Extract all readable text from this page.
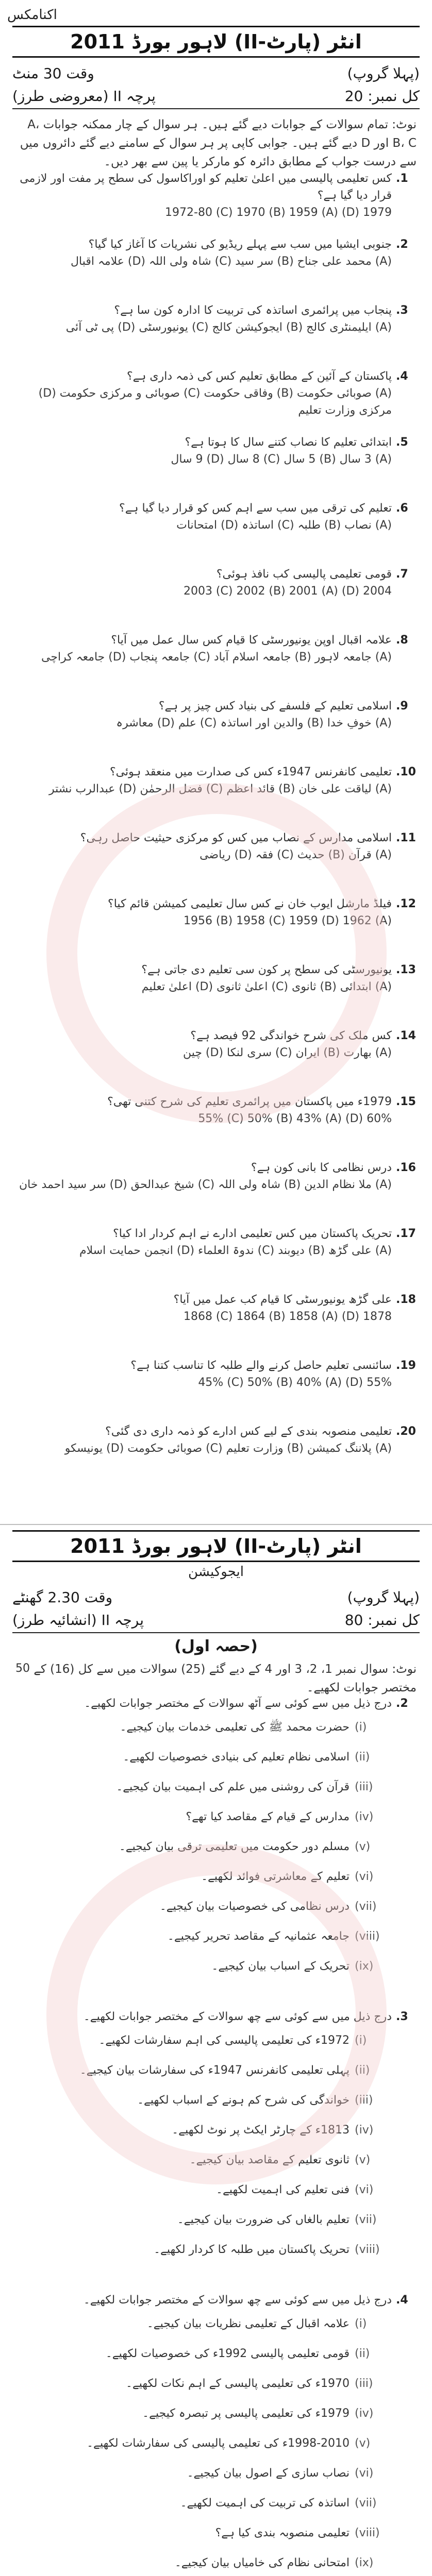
اکنامکس
انٹر (پارٹ-II) لاہور بورڈ 2011
وقت 30 منٹ	(پہلا گروپ)
پرچہ II (معروضی طرز)	کل نمبر: 20
نوٹ: تمام سوالات کے جوابات دیے گئے ہیں۔ ہر سوال کے چار ممکنہ جوابات A، B، C اور D دیے گئے ہیں۔ جوابی کاپی پر ہر سوال کے سامنے دیے گئے دائروں میں سے درست جواب کے مطابق دائرہ کو مارکر یا پین سے بھر دیں۔
1.
کس تعلیمی پالیسی میں اعلیٰ تعلیم کو اوراکاسول کی سطح پر مفت اور لازمی قرار دیا گیا ہے؟
1979 (D) 1972-80 (C) 1970 (B) 1959 (A)
2.
جنوبی ایشیا میں سب سے پہلے ریڈیو کی نشریات کا آغاز کیا گیا؟
(A) محمد علی جناح (B) سر سید (C) شاہ ولی اللہ (D) علامہ اقبال
3.
پنجاب میں پرائمری اساتذہ کی تربیت کا ادارہ کون سا ہے؟
(A) ایلیمنٹری کالج (B) ایجوکیشن کالج (C) یونیورسٹی (D) پی ٹی آئی
4.
پاکستان کے آئین کے مطابق تعلیم کس کی ذمہ داری ہے؟
(A) صوبائی حکومت (B) وفاقی حکومت (C) صوبائی و مرکزی حکومت (D) مرکزی وزارت تعلیم
5.
ابتدائی تعلیم کا نصاب کتنے سال کا ہوتا ہے؟
(A) 3 سال (B) 5 سال (C) 8 سال (D) 9 سال
6.
تعلیم کی ترقی میں سب سے اہم کس کو قرار دیا گیا ہے؟
(A) نصاب (B) طلبہ (C) اساتذہ (D) امتحانات
7.
قومی تعلیمی پالیسی کب نافذ ہوئی؟
2004 (D) 2003 (C) 2002 (B) 2001 (A)
8.
علامہ اقبال اوپن یونیورسٹی کا قیام کس سال عمل میں آیا؟
(A) جامعہ لاہور (B) جامعہ اسلام آباد (C) جامعہ پنجاب (D) جامعہ کراچی
9.
اسلامی تعلیم کے فلسفے کی بنیاد کس چیز پر ہے؟
(A) خوفِ خدا (B) والدین اور اساتذہ (C) علم (D) معاشرہ
10.
تعلیمی کانفرنس 1947ء کس کی صدارت میں منعقد ہوئی؟
(A) لیاقت علی خان (B) قائد اعظم (C) فضل الرحمٰن (D) عبدالرب نشتر
11.
اسلامی مدارس کے نصاب میں کس کو مرکزی حیثیت حاصل رہی؟
(A) قرآن (B) حدیث (C) فقہ (D) ریاضی
12.
فیلڈ مارشل ایوب خان نے کس سال تعلیمی کمیشن قائم کیا؟
(A) 1956 (B) 1958 (C) 1959 (D) 1962
13.
یونیورسٹی کی سطح پر کون سی تعلیم دی جاتی ہے؟
(A) ابتدائی (B) ثانوی (C) اعلیٰ ثانوی (D) اعلیٰ تعلیم
14.
کس ملک کی شرح خواندگی 92 فیصد ہے؟
(A) بھارت (B) ایران (C) سری لنکا (D) چین
15.
1979ء میں پاکستان میں پرائمری تعلیم کی شرح کتنی تھی؟
60% (D) 55% (C) 50% (B) 43% (A)
16.
درس نظامی کا بانی کون ہے؟
(A) ملا نظام الدین (B) شاہ ولی اللہ (C) شیخ عبدالحق (D) سر سید احمد خان
17.
تحریک پاکستان میں کس تعلیمی ادارے نے اہم کردار ادا کیا؟
(A) علی گڑھ (B) دیوبند (C) ندوۃ العلماء (D) انجمن حمایت اسلام
18.
علی گڑھ یونیورسٹی کا قیام کب عمل میں آیا؟
1878 (D) 1868 (C) 1864 (B) 1858 (A)
19.
سائنسی تعلیم حاصل کرنے والے طلبہ کا تناسب کتنا ہے؟
55% (D) 45% (C) 50% (B) 40% (A)
20.
تعلیمی منصوبہ بندی کے لیے کس ادارے کو ذمہ داری دی گئی؟
(A) پلاننگ کمیشن (B) وزارت تعلیم (C) صوبائی حکومت (D) یونیسکو
انٹر (پارٹ-II) لاہور بورڈ 2011
ایجوکیشن
وقت 2.30 گھنٹے	(پہلا گروپ)
پرچہ II (انشائیہ طرز)	کل نمبر: 80
(حصہ اول)
نوٹ: سوال نمبر 1، 2، 3 اور 4 کے دیے گئے (25) سوالات میں سے کل (16) کے مختصر جوابات لکھیے۔
50
2.
درج ذیل میں سے کوئی سے آٹھ سوالات کے مختصر جوابات لکھیے۔
(i)
حضرت محمد ﷺ کی تعلیمی خدمات بیان کیجیے۔
(ii)
اسلامی نظام تعلیم کی بنیادی خصوصیات لکھیے۔
(iii)
قرآن کی روشنی میں علم کی اہمیت بیان کیجیے۔
(iv)
مدارس کے قیام کے مقاصد کیا تھے؟
(v)
مسلم دور حکومت میں تعلیمی ترقی بیان کیجیے۔
(vi)
تعلیم کے معاشرتی فوائد لکھیے۔
(vii)
درس نظامی کی خصوصیات بیان کیجیے۔
(viii)
جامعہ عثمانیہ کے مقاصد تحریر کیجیے۔
(ix)
تحریک کے اسباب بیان کیجیے۔
3.
درج ذیل میں سے کوئی سے چھ سوالات کے مختصر جوابات لکھیے۔
(i)
1972ء کی تعلیمی پالیسی کی اہم سفارشات لکھیے۔
(ii)
پہلی تعلیمی کانفرنس 1947ء کی سفارشات بیان کیجیے۔
(iii)
خواندگی کی شرح کم ہونے کے اسباب لکھیے۔
(iv)
1813ء کے چارٹر ایکٹ پر نوٹ لکھیے۔
(v)
ثانوی تعلیم کے مقاصد بیان کیجیے۔
(vi)
فنی تعلیم کی اہمیت لکھیے۔
(vii)
تعلیم بالغاں کی ضرورت بیان کیجیے۔
(viii)
تحریک پاکستان میں طلبہ کا کردار لکھیے۔
4.
درج ذیل میں سے کوئی سے چھ سوالات کے مختصر جوابات لکھیے۔
(i)
علامہ اقبال کے تعلیمی نظریات بیان کیجیے۔
(ii)
قومی تعلیمی پالیسی 1992ء کی خصوصیات لکھیے۔
(iii)
1970ء کی تعلیمی پالیسی کے اہم نکات لکھیے۔
(iv)
1979ء کی تعلیمی پالیسی پر تبصرہ کیجیے۔
(v)
1998-2010ء کی تعلیمی پالیسی کی سفارشات لکھیے۔
(vi)
نصاب سازی کے اصول بیان کیجیے۔
(vii)
اساتذہ کی تربیت کی اہمیت لکھیے۔
(viii)
تعلیمی منصوبہ بندی کیا ہے؟
(ix)
امتحانی نظام کی خامیاں بیان کیجیے۔
